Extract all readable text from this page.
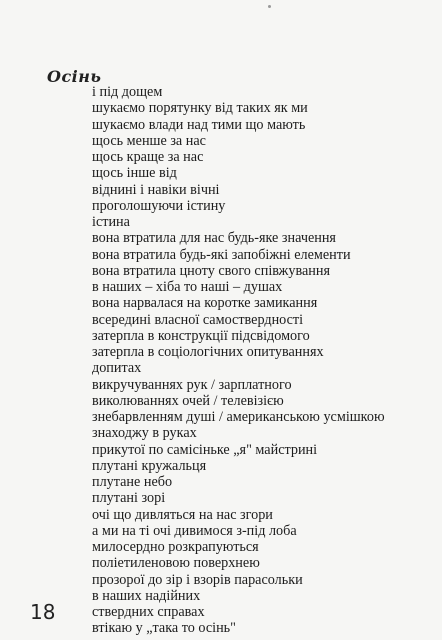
Осінь
і під дощем
шукаємо порятунку від таких як ми
шукаємо влади над тими що мають
щось менше за нас
щось краще за нас
щось інше від
віднині і навіки вічні
проголошуючи істину
істина
вона втратила для нас будь-яке значення
вона втратила будь-які запобіжні елементи
вона втратила цноту свого співжування
в наших – хіба то наші – душах
вона нарвалася на коротке замикання
всередині власної самоствердності
затерпла в конструкції підсвідомого
затерпла в соціологічних опитуваннях
допитах
викручуваннях рук / зарплатного
виколюваннях очей / телевізією
знебарвленням душі / американською усмішкою
знаходжу в руках
прикутої по самісіньке „я" майстрині
плутані кружальця
плутане небо
плутані зорі
очі що дивляться на нас згори
а ми на ті очі дивимося з-під лоба
милосердно розкрапуються
поліетиленовою поверхнею
прозорої до зір і взорів парасольки
в наших надійних
ствердних справах
втікаю у „така то осінь"
18
